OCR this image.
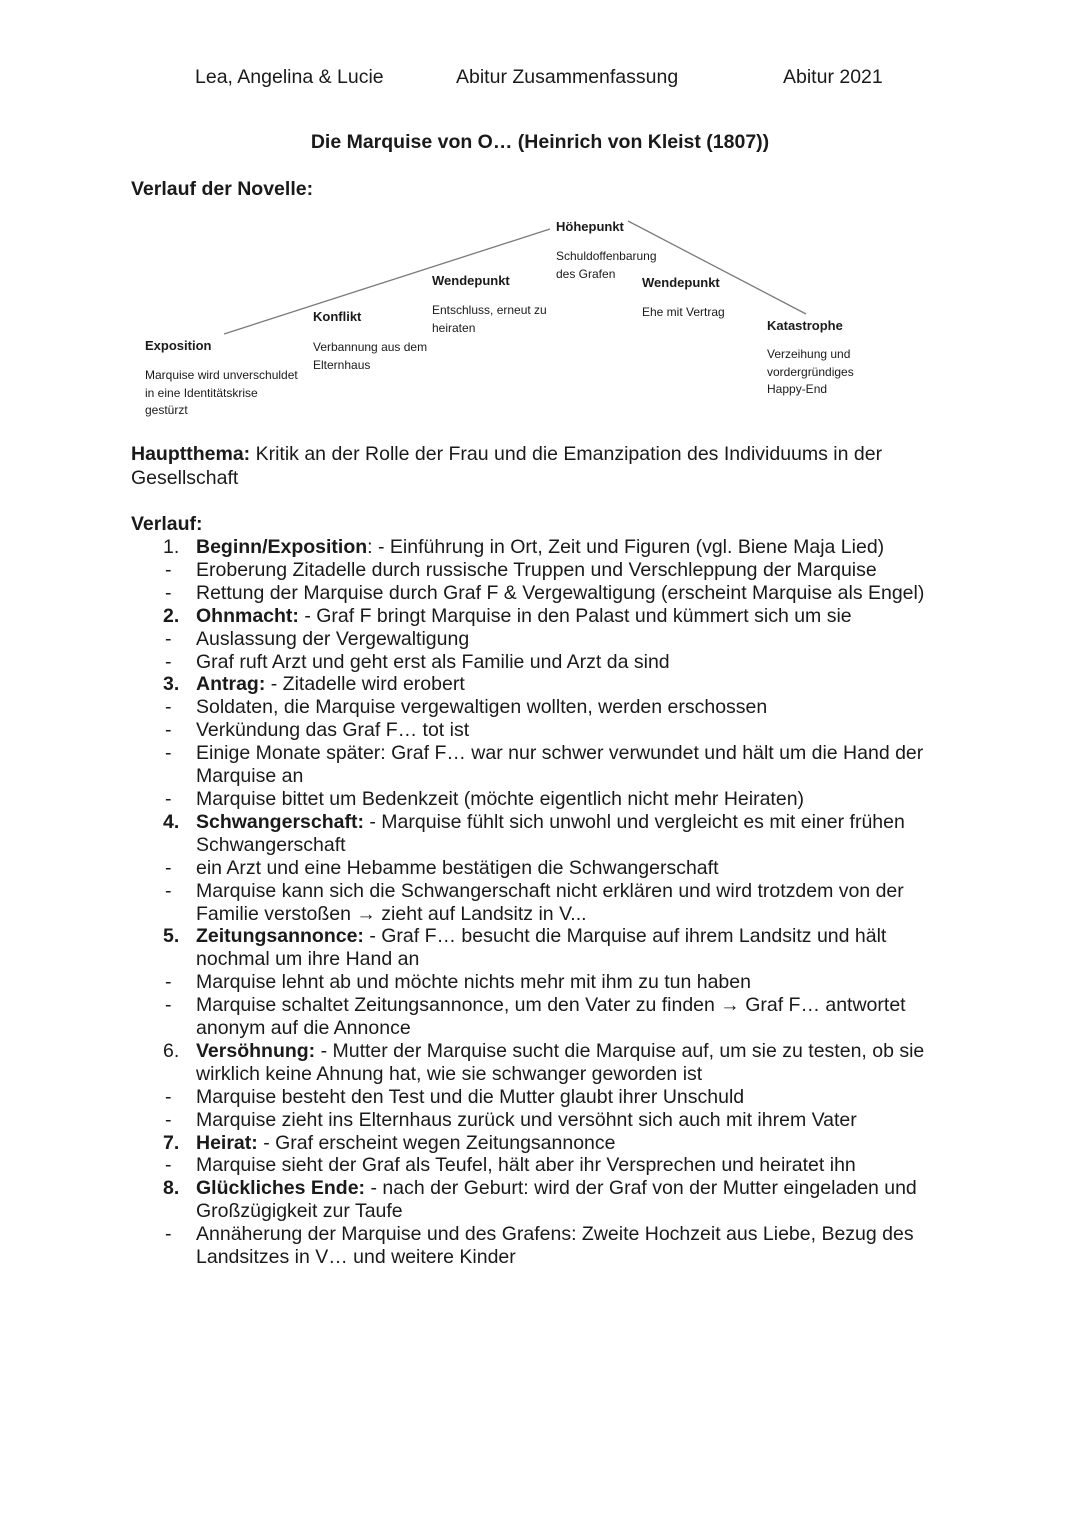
Lea, Angelina & Lucie	Abitur Zusammenfassung	Abitur 2021
Die Marquise von O… (Heinrich von Kleist (1807))
Verlauf der Novelle:
Exposition
Marquise wird unverschuldet
in eine Identitätskrise
gestürzt
Konflikt
Verbannung aus dem
Elternhaus
Wendepunkt
Entschluss, erneut zu
heiraten
Höhepunkt
Schuldoffenbarung
des Grafen
Wendepunkt
Ehe mit Vertrag
Katastrophe
Verzeihung und
vordergründiges
Happy-End
Hauptthema: Kritik an der Rolle der Frau und die Emanzipation des Individuums in der Gesellschaft
Verlauf:
1. Beginn/Exposition: - Einführung in Ort, Zeit und Figuren (vgl. Biene Maja Lied)
- Eroberung Zitadelle durch russische Truppen und Verschleppung der Marquise
- Rettung der Marquise durch Graf F & Vergewaltigung (erscheint Marquise als Engel)
2. Ohnmacht: - Graf F bringt Marquise in den Palast und kümmert sich um sie
- Auslassung der Vergewaltigung
- Graf ruft Arzt und geht erst als Familie und Arzt da sind
3. Antrag: - Zitadelle wird erobert
- Soldaten, die Marquise vergewaltigen wollten, werden erschossen
- Verkündung das Graf F… tot ist
- Einige Monate später: Graf F… war nur schwer verwundet und hält um die Hand der Marquise an
- Marquise bittet um Bedenkzeit (möchte eigentlich nicht mehr Heiraten)
4. Schwangerschaft: - Marquise fühlt sich unwohl und vergleicht es mit einer frühen Schwangerschaft
- ein Arzt und eine Hebamme bestätigen die Schwangerschaft
- Marquise kann sich die Schwangerschaft nicht erklären und wird trotzdem von der Familie verstoßen → zieht auf Landsitz in V...
5. Zeitungsannonce: - Graf F… besucht die Marquise auf ihrem Landsitz und hält nochmal um ihre Hand an
- Marquise lehnt ab und möchte nichts mehr mit ihm zu tun haben
- Marquise schaltet Zeitungsannonce, um den Vater zu finden → Graf F… antwortet anonym auf die Annonce
6. Versöhnung: - Mutter der Marquise sucht die Marquise auf, um sie zu testen, ob sie wirklich keine Ahnung hat, wie sie schwanger geworden ist
- Marquise besteht den Test und die Mutter glaubt ihrer Unschuld
- Marquise zieht ins Elternhaus zurück und versöhnt sich auch mit ihrem Vater
7. Heirat: - Graf erscheint wegen Zeitungsannonce
- Marquise sieht der Graf als Teufel, hält aber ihr Versprechen und heiratet ihn
8. Glückliches Ende: - nach der Geburt: wird der Graf von der Mutter eingeladen und Großzügigkeit zur Taufe
- Annäherung der Marquise und des Grafens: Zweite Hochzeit aus Liebe, Bezug des Landsitzes in V… und weitere Kinder
